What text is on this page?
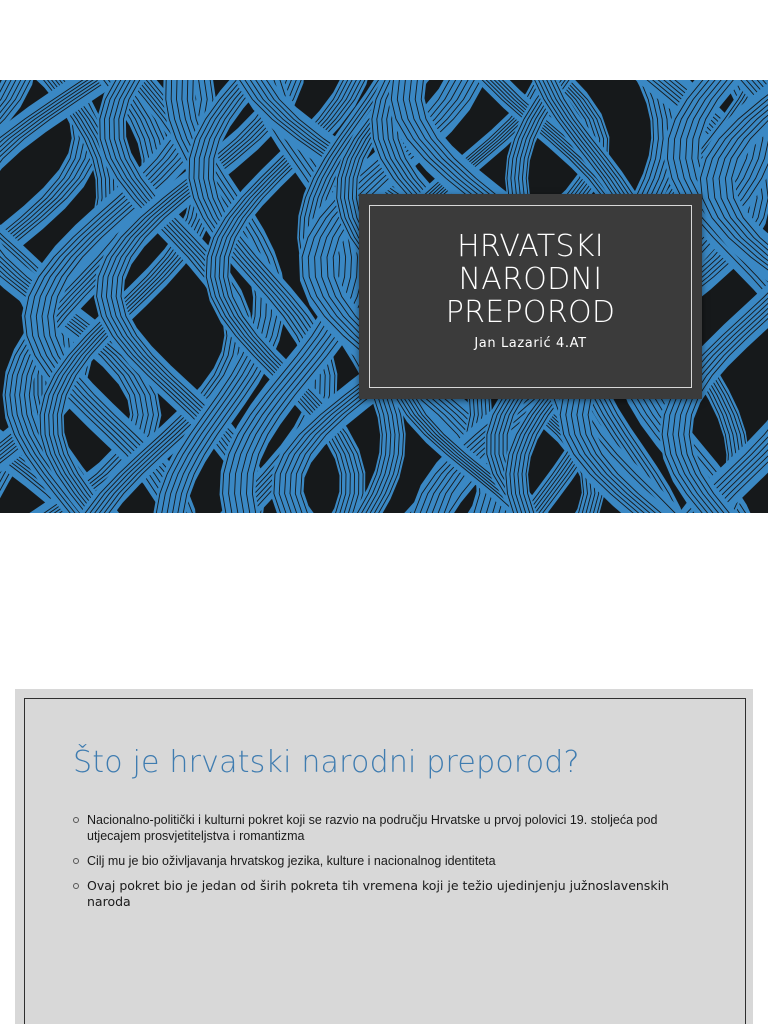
HRVATSKI
NARODNI
PREPOROD
Jan Lazarić 4.AT
Što je hrvatski narodni preporod?
Nacionalno-politički i kulturni pokret koji se razvio na području Hrvatske u prvoj polovici 19. stoljeća pod utjecajem prosvjetiteljstva i romantizma
Cilj mu je bio oživljavanja hrvatskog jezika, kulture i nacionalnog identiteta
Ovaj pokret bio je jedan od širih pokreta tih vremena koji je težio ujedinjenju južnoslavenskih naroda
